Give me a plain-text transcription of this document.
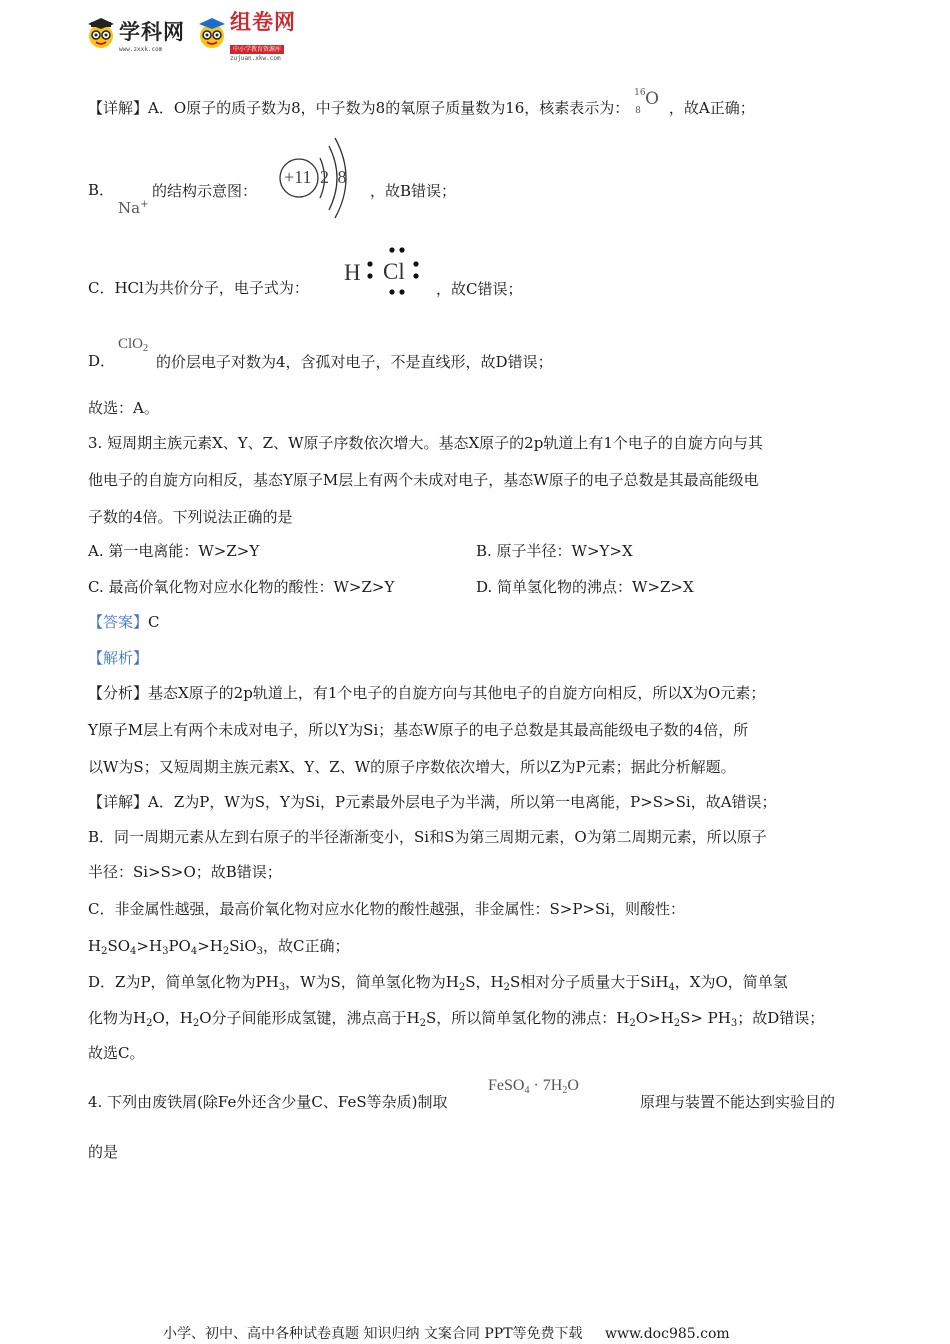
学科网
www.zxxk.com
组卷网
中小学教育资源库
zujuan.xkw.com
【详解】A．O原子的质子数为8，中子数为8的氧原子质量数为16，核素表示为：
16
8
O ，故A正确；
B．
Na+
的结构示意图：
+11 2 8
，故B错误；
C．HCl为共价分子，电子式为：
H Cl
，故C错误；
D．
ClO$_2$
的价层电子对数为4，含孤对电子，不是直线形，故D错误；
故选：A。
3. 短周期主族元素X、Y、Z、W原子序数依次增大。基态X原子的2p轨道上有1个电子的自旋方向与其
他电子的自旋方向相反，基态Y原子M层上有两个未成对电子，基态W原子的电子总数是其最高能级电
子数的4倍。下列说法正确的是
A. 第一电离能：W>Z>Y	B. 原子半径：W>Y>X
C. 最高价氧化物对应水化物的酸性：W>Z>Y	D. 简单氢化物的沸点：W>Z>X
【答案】C
【解析】
【分析】基态X原子的2p轨道上，有1个电子的自旋方向与其他电子的自旋方向相反，所以X为O元素；
Y原子M层上有两个未成对电子，所以Y为Si；基态W原子的电子总数是其最高能级电子数的4倍，所
以W为S；又短周期主族元素X、Y、Z、W的原子序数依次增大，所以Z为P元素；据此分析解题。
【详解】A．Z为P，W为S，Y为Si，P元素最外层电子为半满，所以第一电离能，P>S>Si，故A错误；
B．同一周期元素从左到右原子的半径渐渐变小，Si和S为第三周期元素，O为第二周期元素，所以原子
半径：Si>S>O；故B错误；
C．非金属性越强，最高价氧化物对应水化物的酸性越强，非金属性：S>P>Si，则酸性：
$H_2SO_4>H_3PO_4>H_2SiO_3$，故C正确；
D．Z为P，简单氢化物为$PH_3$，W为S，简单氢化物为$H_2S$，$H_2S$相对分子质量大于SiH$_4$，X为O，简单氢
化物为$H_2O$，$H_2O$分子间能形成氢键，沸点高于$H_2S$，所以简单氢化物的沸点：$H_2O>H_2S> PH_3$；故D错误；
故选C。
4. 下列由废铁屑(除Fe外还含少量C、FeS等杂质)制取
FeSO$_4$ · $7H_2O$
原理与装置不能达到实验目的
的是
小学、初中、高中各种试卷真题 知识归纳 文案合同 PPT等免费下载 www.doc985.com
